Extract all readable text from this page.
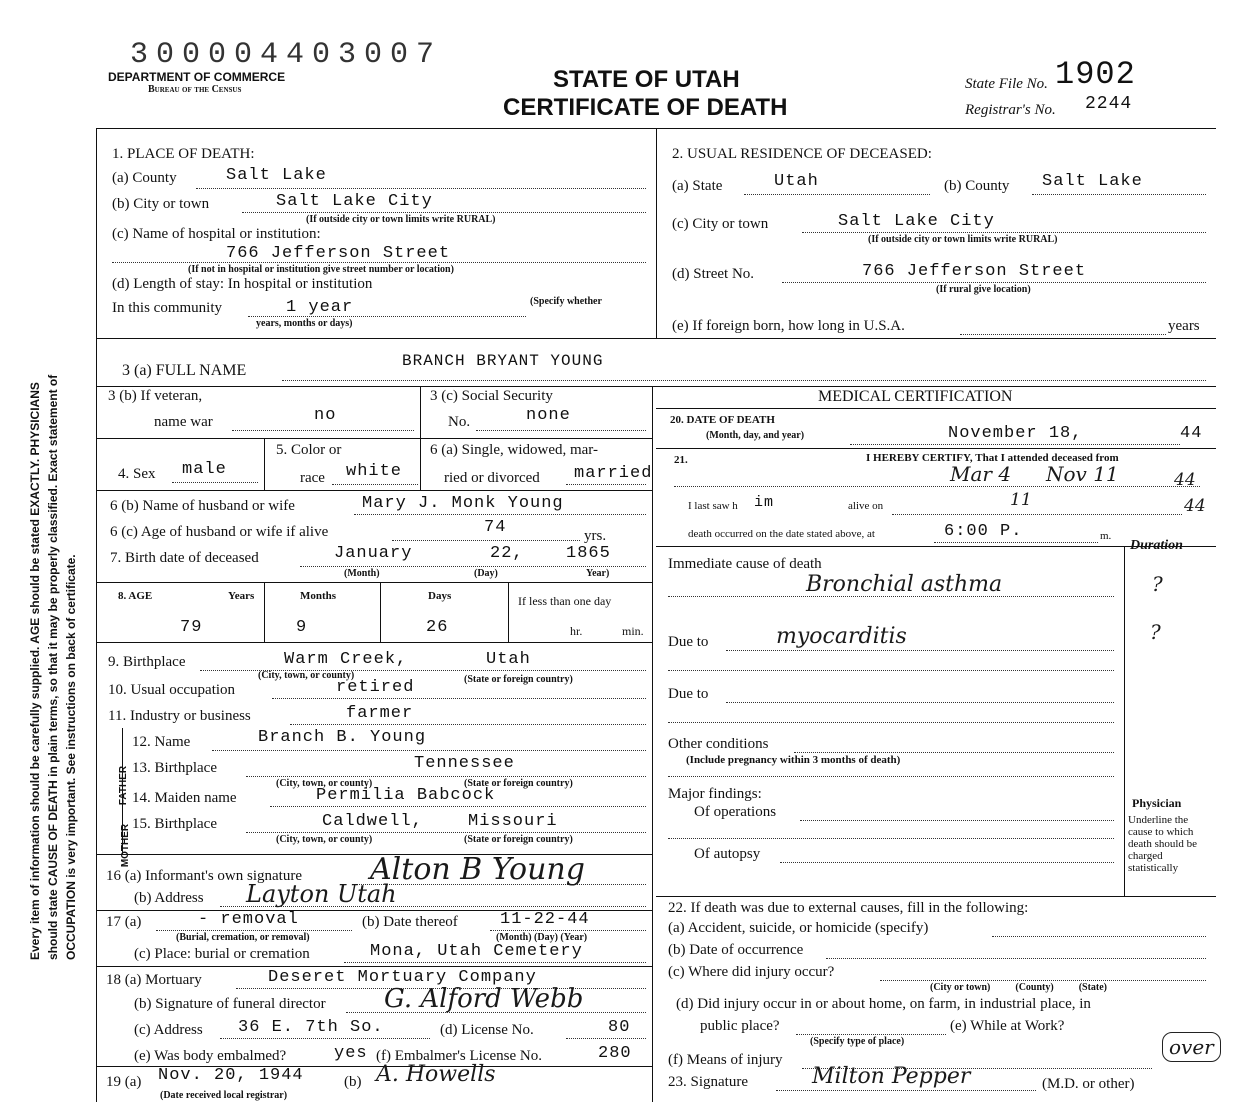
Every item of information should be carefully supplied. AGE should be stated EXACTLY. PHYSICIANS should state CAUSE OF DEATH in plain terms, so that it may be properly classified. Exact statement of OCCUPATION is very important. See instructions on back of certificate.
300004403007
DEPARTMENT OF COMMERCE
Bureau of the Census	STATE OF UTAH
CERTIFICATE OF DEATH
State File No. 1902
Registrar's No. 2244
1. PLACE OF DEATH:
(a) County	Salt Lake
(b) City or town	Salt Lake City
(If outside city or town limits write RURAL)
(c) Name of hospital or institution:
766 Jefferson Street
(If not in hospital or institution give street number or location)
(d) Length of stay: In hospital or institution
In this community	1 year	(Specify whether
years, months or days)
2. USUAL RESIDENCE OF DECEASED:
(a) State	Utah	(b) County Salt Lake
(c) City or town	Salt Lake City
(If outside city or town limits write RURAL)
(d) Street No.	766 Jefferson Street
(If rural give location)
(e) If foreign born, how long in U.S.A.	years
3 (a) FULL NAME
BRANCH BRYANT YOUNG
3 (b) If veteran,
name war	no
3 (c) Social Security
No.	none
4. Sex male
5. Color or
race white
6 (a) Single, widowed, mar-
ried or divorced married
6 (b) Name of husband or wife	Mary J. Monk Young
6 (c) Age of husband or wife if alive	74	yrs.
7. Birth date of deceased	January	22, 1865
(Month)	(Day)	Year)
8. AGE	Years	Months	Days	If less than one day
79	9	26	hr.	min.
9. Birthplace	Warm Creek,	Utah
(City, town, or county)	(State or foreign country)
10. Usual occupation	retired
11. Industry or business	farmer
FATHER
MOTHER
12. Name	Branch B. Young
13. Birthplace	Tennessee
(City, town, or county)	(State or foreign country)
14. Maiden name	Permilia Babcock
15. Birthplace	Caldwell,	Missouri
(City, town, or county)	(State or foreign country)
16 (a) Informant's own signature Alton B Young
(b) Address Layton Utah
17 (a)	- removal
(Burial, cremation, or removal)
(b) Date thereof 11-22-44
(Month) (Day) (Year)
(c) Place: burial or cremation	Mona, Utah Cemetery
18 (a) Mortuary	Deseret Mortuary Company
(b) Signature of funeral director G. Alford Webb
(c) Address 36 E. 7th So.	(d) License No.	80
(e) Was body embalmed?	yes (f) Embalmer's License No.	280
19 (a) Nov. 20, 1944	(b) A. Howells
(Date received local registrar)
MEDICAL CERTIFICATION
20. DATE OF DEATH
(Month, day, and year)	November 18,	44
21.	I HEREBY CERTIFY, That I attended deceased from
Mar 4 Nov 11	44
I last saw h im	alive on	11	44
death occurred on the date stated above, at	6:00 P.	m.
Duration
Immediate cause of death
Bronchial asthma	?
Due to	myocarditis	?
Due to
Other conditions
(Include pregnancy within 3 months of death)
Major findings:
Of operations
Of autopsy
Physician
Underline the cause to which death should be charged statistically
22. If death was due to external causes, fill in the following:
(a) Accident, suicide, or homicide (specify)
(b) Date of occurrence
(c) Where did injury occur?
(City or town)          (County)          (State)
(d) Did injury occur in or about home, on farm, in industrial place, in
public place?	(e) While at Work?
(Specify type of place)
(f) Means of injury
over
23. Signature	Milton Pepper	(M.D. or other)
